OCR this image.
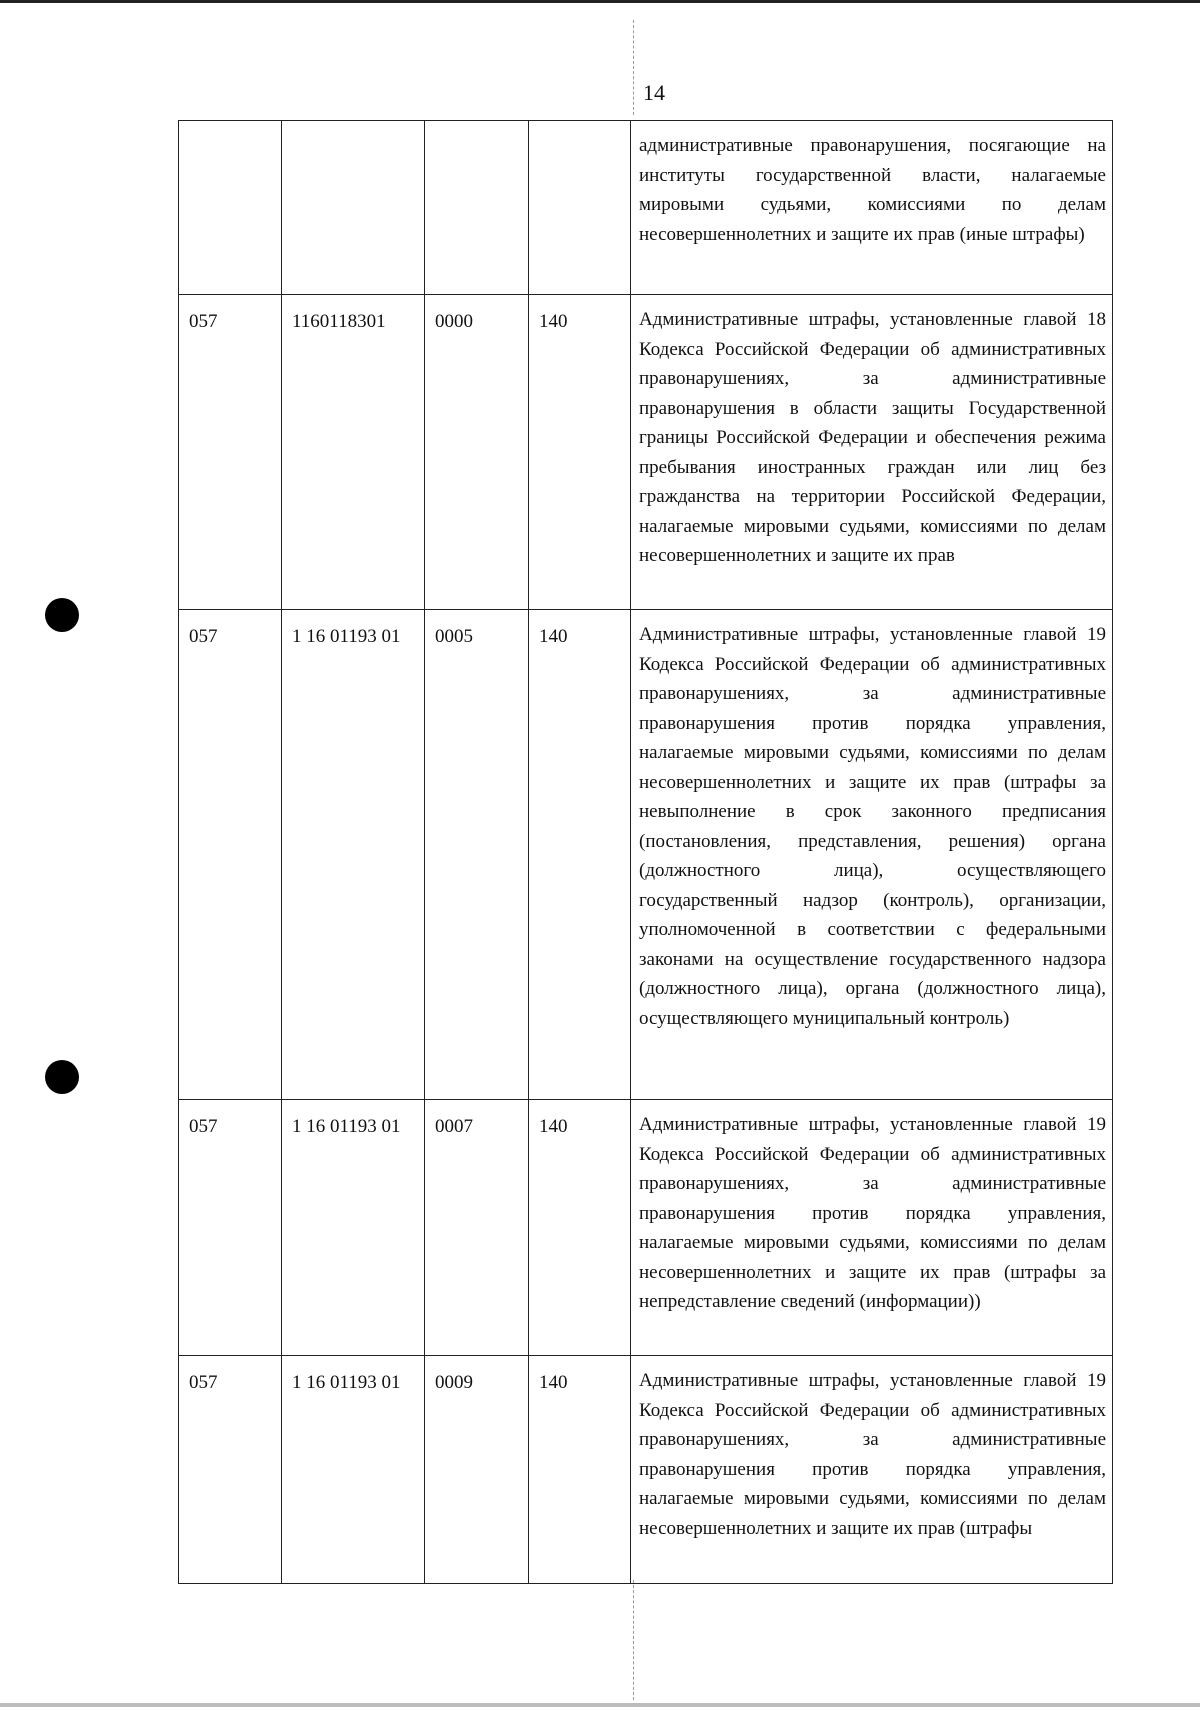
14
				административные правонарушения, посягающие на институты государственной власти, налагаемые мировыми судьями, комиссиями по делам несовершеннолетних и защите их прав (иные штрафы)
057	1160118301	0000	140	Административные штрафы, установленные главой 18 Кодекса Российской Федерации об административных правонарушениях, за административные правонарушения в области защиты Государственной границы Российской Федерации и обеспечения режима пребывания иностранных граждан или лиц без гражданства на территории Российской Федерации, налагаемые мировыми судьями, комиссиями по делам несовершеннолетних и защите их прав
057	1 16 01193 01	0005	140	Административные штрафы, установленные главой 19 Кодекса Российской Федерации об административных правонарушениях, за административные правонарушения против порядка управления, налагаемые мировыми судьями, комиссиями по делам несовершеннолетних и защите их прав (штрафы за невыполнение в срок законного предписания (постановления, представления, решения) органа (должностного лица), осуществляющего государственный надзор (контроль), организации, уполномоченной в соответствии с федеральными законами на осуществление государственного надзора (должностного лица), органа (должностного лица), осуществляющего муниципальный контроль)
057	1 16 01193 01	0007	140	Административные штрафы, установленные главой 19 Кодекса Российской Федерации об административных правонарушениях, за административные правонарушения против порядка управления, налагаемые мировыми судьями, комиссиями по делам несовершеннолетних и защите их прав (штрафы за непредставление сведений (информации))
057	1 16 01193 01	0009	140	Административные штрафы, установленные главой 19 Кодекса Российской Федерации об административных правонарушениях, за административные правонарушения против порядка управления, налагаемые мировыми судьями, комиссиями по делам несовершеннолетних и защите их прав (штрафы
